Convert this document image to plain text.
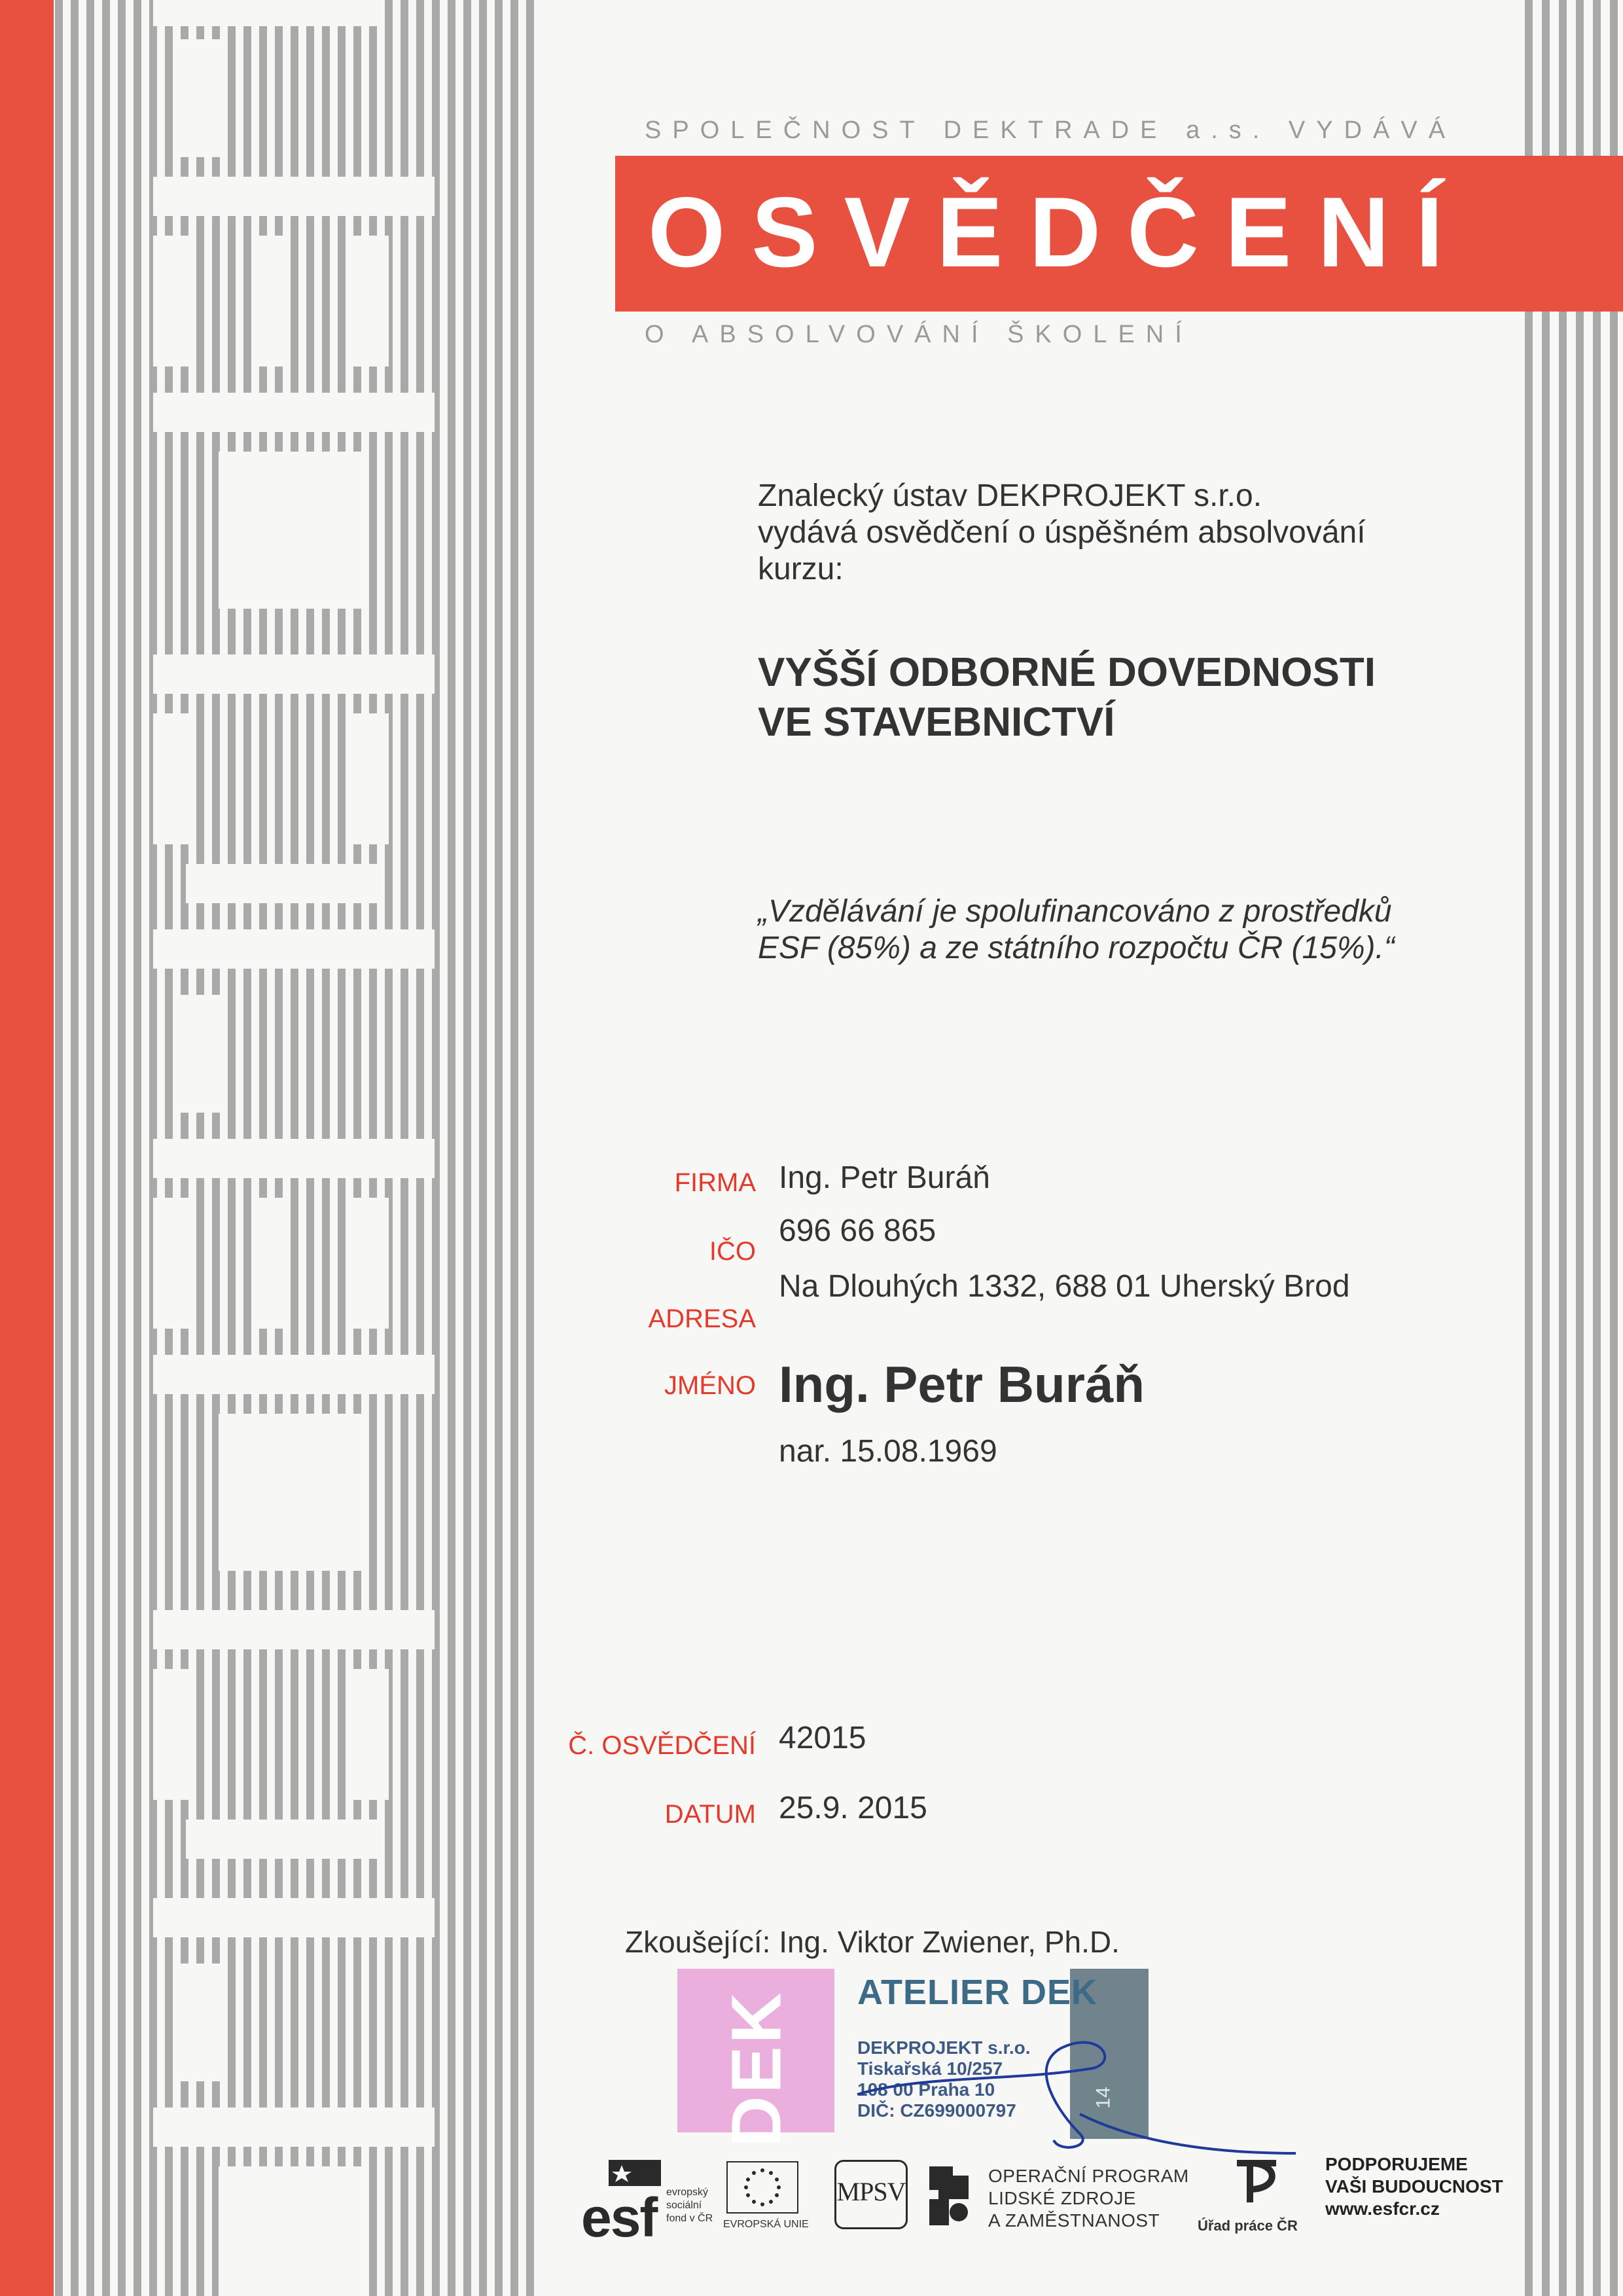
SPOLEČNOST DEKTRADE a.s. VYDÁVÁ
OSVĚDČENÍ
O ABSOLVOVÁNÍ ŠKOLENÍ
Znalecký ústav DEKPROJEKT s.r.o.
vydává osvědčení o úspěšném absolvování
kurzu:
VYŠŠÍ ODBORNÉ DOVEDNOSTI
VE STAVEBNICTVÍ
„Vzdělávání je spolufinancováno z prostředků
ESF (85%) a ze státního rozpočtu ČR (15%).“
FIRMA
IČO
ADRESA
JMÉNO
Č. OSVĚDČENÍ
DATUM
Ing. Petr Buráň
696 66 865
Na Dlouhých 1332, 688 01 Uherský Brod
Ing. Petr Buráň
nar. 15.08.1969
42015
25.9. 2015
Zkoušející: Ing. Viktor Zwiener, Ph.D.
DEK	14
ATELIER DEK
DEKPROJEKT s.r.o.
Tiskařská 10/257
108 00 Praha 10
DIČ: CZ699000797
esf evropský
sociální
fond v ČR
EVROPSKÁ UNIE
MPSV
OPERAČNÍ PROGRAM
LIDSKÉ ZDROJE
A ZAMĚSTNANOST	Úřad práce ČR
PODPORUJEME
VAŠI BUDOUCNOST
www.esfcr.cz
